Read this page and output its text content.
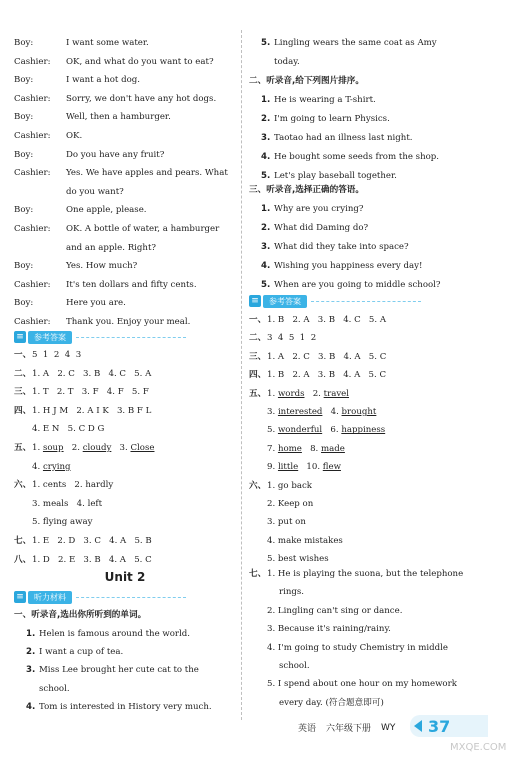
Boy:	I want some water.
Cashier: OK, and what do you want to eat?
Boy:	I want a hot dog.
Cashier: Sorry, we don't have any hot dogs.
Boy:	Well, then a hamburger.
Cashier: OK.
Boy:	Do you have any fruit?
Cashier: Yes. We have apples and pears. What
do you want?
Boy:	One apple, please.
Cashier: OK. A bottle of water, a hamburger
and an apple. Right?
Boy:	Yes. How much?
Cashier: It's ten dollars and fifty cents.
Boy:	Here you are.
Cashier: Thank you. Enjoy your meal.
≡	参考答案
一、5  1  2  4  3
二、1. A   2. C   3. B   4. C   5. A
三、1. T   2. T   3. F   4. F   5. F
四、1. H J M   2. A I K   3. B F L
4. E N   5. C D G
五、1. soup   2. cloudy   3. Close
4. crying
六、1. cents   2. hardly
3. meals   4. left
5. flying away
七、1. E   2. D   3. C   4. A   5. B
八、1. D   2. E   3. B   4. A   5. C
Unit 2
≡	听力材料
一、听录音,选出你所听到的单词。
1. Helen is famous around the world.
2. I want a cup of tea.
3. Miss Lee brought her cute cat to the
school.
4. Tom is interested in History very much.
5. Lingling wears the same coat as Amy
today.
二、听录音,给下列图片排序。
1. He is wearing a T-shirt.
2. I'm going to learn Physics.
3. Taotao had an illness last night.
4. He bought some seeds from the shop.
5. Let's play baseball together.
三、听录音,选择正确的答语。
1. Why are you crying?
2. What did Daming do?
3. What did they take into space?
4. Wishing you happiness every day!
5. When are you going to middle school?
≡	参考答案
一、1. B   2. A   3. B   4. C   5. A
二、3  4  5  1  2
三、1. A   2. C   3. B   4. A   5. C
四、1. B   2. A   3. B   4. A   5. C
五、1. words   2. travel
3. interested   4. brought
5. wonderful   6. happiness
7. home   8. made
9. little   10. flew
六、1. go back
2. Keep on
3. put on
4. make mistakes
5. best wishes
七、1. He is playing the suona, but the telephone
rings.
2. Lingling can't sing or dance.
3. Because it's raining/rainy.
4. I'm going to study Chemistry in middle
school.
5. I spend about one hour on my homework
every day. (符合题意即可)
英语 六年级下册 WY 37
MXQE.COM
